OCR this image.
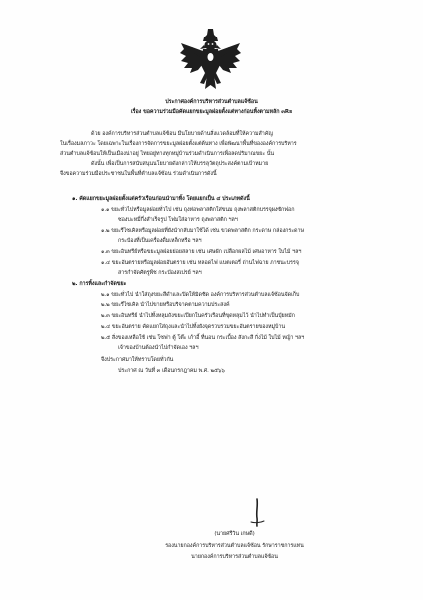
ประกาศองค์การบริหารส่วนตำบลแจ้ซ้อน
เรื่อง ขอความร่วมมือคัดแยกขยะมูลฝอยตั้งแต่ทางก่อนทิ้งตามหลัก ๓Rs
ด้วย องค์การบริหารส่วนตำบลแจ้ซ้อน มีนโยบายด้านสิ่งแวดล้อมที่ให้ความสำคัญ
ในเรื่องมลภาวะ โดยเฉพาะในเรื่องการจัดการขยะมูลฝอยตั้งแต่ต้นทาง เพื่อพัฒนาพื้นที่ขององค์การบริหาร
ส่วนตำบลแจ้ซ้อนให้เป็นเมืองน่าอยู่ ไทยอยู่ทางทุกหมู่บ้านร่วมดำเนินการเพื่อลดปริมาณขยะ นั้น
ดังนั้น เพื่อเป็นการสนับสนุนนโยบายดังกล่าวให้บรรลุวัตถุประสงค์ตามเป้าหมาย
จึงขอความร่วมมือประชาชนในพื้นที่ตำบลแจ้ซ้อน ร่วมดำเนินการดังนี้
๑. คัดแยกขยะมูลฝอยตั้งแต่ครัวเรือนก่อนนำมาทิ้ง โดยแยกเป็น ๔ ประเภทดังนี้
๑.๑ ขยะทั่วไปหรือมูลฝอยทั่วไป เช่น ถุงห่อพลาสติกใส่ขนม ถุงพลาสติกบรรจุผงซักฟอก
ซองบะหมี่กึ่งสำเร็จรูป โฟมใส่อาหาร ถุงพลาสติก ฯลฯ
๑.๒ ขยะรีไซเคิลหรือมูลฝอยที่ยังนำกลับมาใช้ได้ เช่น ขวดพลาสติก กระดาษ กล่องกระดาษ
กระป๋องที่เป็นเครื่องดื่มเหล็กหรือ ฯลฯ
๑.๓ ขยะอินทรีย์หรือขยะมูลฝอยย่อยสลาย เช่น เศษผัก เปลือกผลไม้ เศษอาหาร ใบไม้ ฯลฯ
๑.๔ ขยะอันตรายหรือมูลฝอยอันตราย เช่น หลอดไฟ แบตเตอรี่ ถ่านไฟฉาย ภาชนะบรรจุ
สารกำจัดศัตรูพืช กระป๋องสเปรย์ ฯลฯ
๒. การทิ้งและกำจัดขยะ
๒.๑ ขยะทั่วไป นำใส่ถุงขยะสีดำและปิดให้มิดชิด องค์การบริหารส่วนตำบลแจ้ซ้อนจัดเก็บ
๒.๒ ขยะรีไซเคิล นำไปขายหรือบริจาคตามความประสงค์
๒.๓ ขยะอินทรีย์ นำไปทิ้งหลุมถังขยะเปียกในครัวเรือนที่ขุดหลุมไว้ นำไปทำเป็นปุ๋ยหมัก
๒.๔ ขยะอันตราย คัดแยกใส่ถุงและนำไปทิ้งยังจุดรวบรวมขยะอันตรายของหมู่บ้าน
๒.๕ สิ่งของเหลือใช้ เช่น โซฟา ตู้ โต๊ะ เก้าอี้ ที่นอน กระเบื้อง สังกะสี กิ่งไม้ ใบไม้ หญ้า ฯลฯ
เจ้าของบ้านต้องนำไปกำจัดเอง ฯลฯ
จึงประกาศมาให้ทราบโดยทั่วกัน
ประกาศ ณ วันที่ ๓ เดือนกรกฎาคม พ.ศ. ๒๕๖๖
(นายศรีวิน เกษดี)
รองนายกองค์การบริหารส่วนตำบลแจ้ซ้อน รักษาราชการแทน
นายกองค์การบริหารส่วนตำบลแจ้ซ้อน
